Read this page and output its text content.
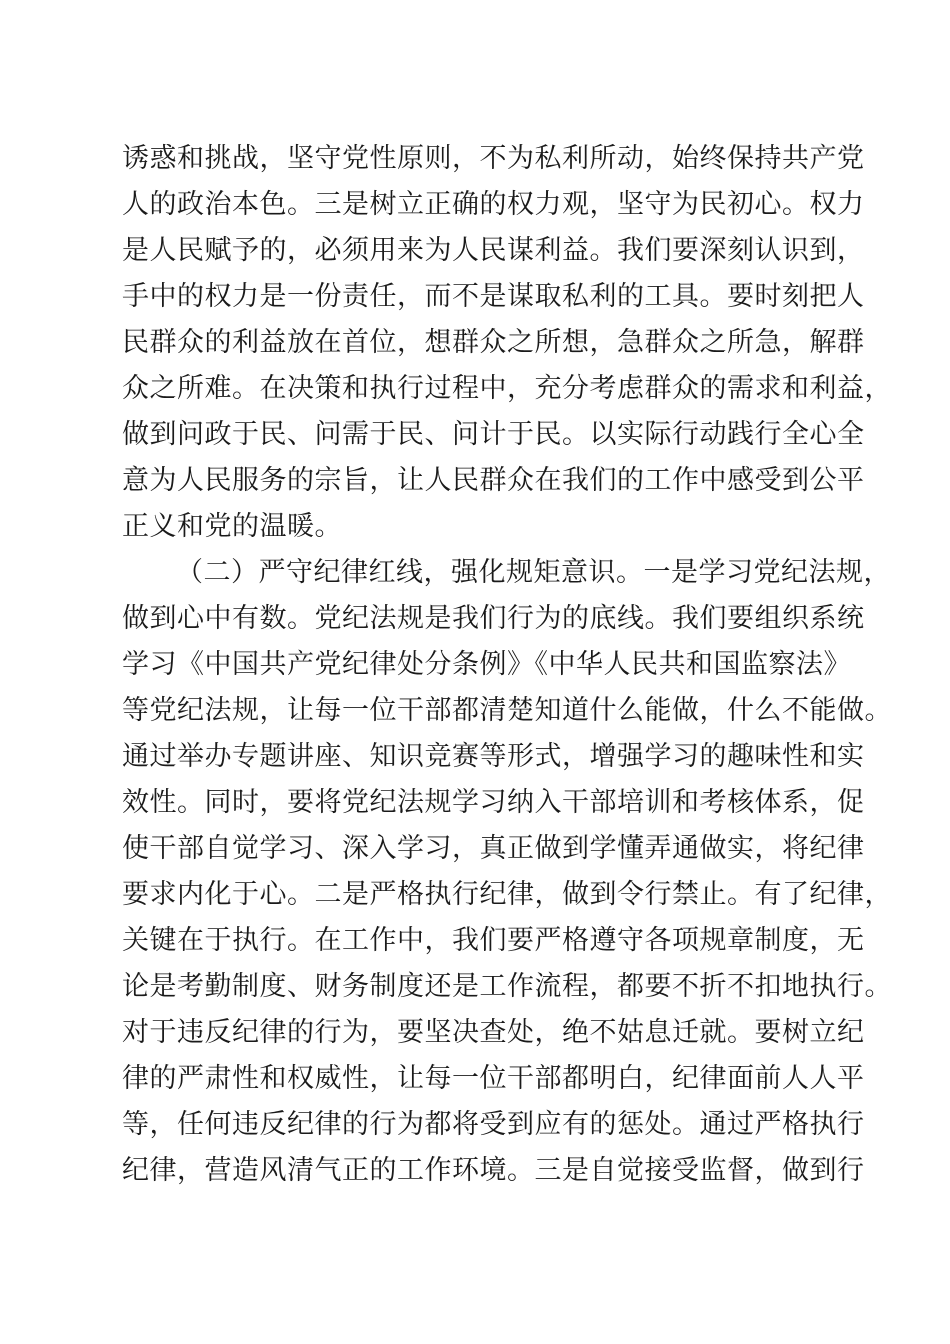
诱惑和挑战，坚守党性原则，不为私利所动，始终保持共产党
人的政治本色。三是树立正确的权力观，坚守为民初心。权力
是人民赋予的，必须用来为人民谋利益。我们要深刻认识到，
手中的权力是一份责任，而不是谋取私利的工具。要时刻把人
民群众的利益放在首位，想群众之所想，急群众之所急，解群
众之所难。在决策和执行过程中，充分考虑群众的需求和利益，
做到问政于民、问需于民、问计于民。以实际行动践行全心全
意为人民服务的宗旨，让人民群众在我们的工作中感受到公平
正义和党的温暖。
（二）严守纪律红线，强化规矩意识。一是学习党纪法规，
做到心中有数。党纪法规是我们行为的底线。我们要组织系统
学习《中国共产党纪律处分条例》《中华人民共和国监察法》
等党纪法规，让每一位干部都清楚知道什么能做，什么不能做。
通过举办专题讲座、知识竞赛等形式，增强学习的趣味性和实
效性。同时，要将党纪法规学习纳入干部培训和考核体系，促
使干部自觉学习、深入学习，真正做到学懂弄通做实，将纪律
要求内化于心。二是严格执行纪律，做到令行禁止。有了纪律，
关键在于执行。在工作中，我们要严格遵守各项规章制度，无
论是考勤制度、财务制度还是工作流程，都要不折不扣地执行。
对于违反纪律的行为，要坚决查处，绝不姑息迁就。要树立纪
律的严肃性和权威性，让每一位干部都明白，纪律面前人人平
等，任何违反纪律的行为都将受到应有的惩处。通过严格执行
纪律，营造风清气正的工作环境。三是自觉接受监督，做到行
